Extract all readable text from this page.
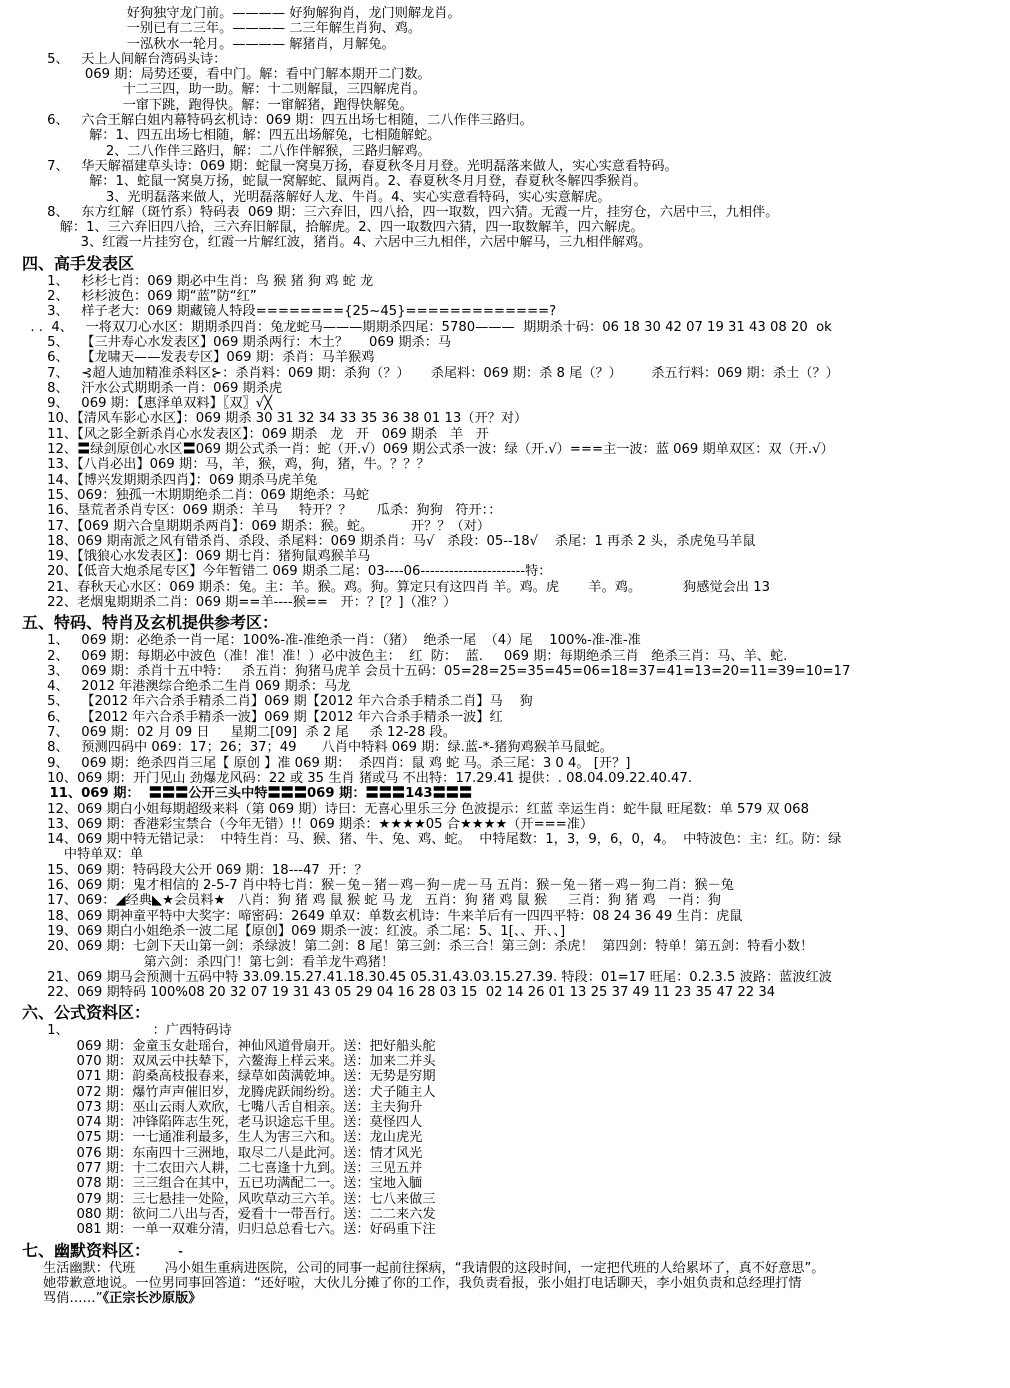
好狗独守龙门前。———— 好狗解狗肖，龙门则解龙肖。
一别已有二三年。———— 二三年解生肖狗、鸡。
一泓秋水一轮月。———— 解猪肖，月解兔。
5、   天上人间解台湾码头诗：
069 期：局势还要，看中门。解：看中门解本期开二门数。
十二三四，助一助。解：十二则解鼠，三四解虎肖。
一窜下跳，跑得快。解：一窜解猪，跑得快解兔。
6、   六合王解白姐内幕特码玄机诗：069 期：四五出场七相随，二八作伴三路归。
解：1、四五出场七相随，解：四五出场解兔，七相随解蛇。
2、二八作伴三路归，解：二八作伴解猴，三路归解鸡。
7、   华天解福建草头诗：069 期：蛇鼠一窝臭万扬，春夏秋冬月月登。光明磊落来做人，实心实意看特码。
解：1、蛇鼠一窝臭万扬，蛇鼠一窝解蛇、鼠两肖。2、春夏秋冬月月登，春夏秋冬解四季猴肖。
3、光明磊落来做人，光明磊落解好人龙、牛肖。4、实心实意看特码，实心实意解虎。
8、   东方红解（斑竹系）特码表  069 期：三六弃旧，四八拾，四一取数，四六猜。无霞一片，挂穷仓，六居中三，九相伴。
解：1、三六弃旧四八拾，三六弃旧解鼠，拾解虎。2、四一取数四六猜，四一取数解羊，四六解虎。
3、红霞一片挂穷仓，红霞一片解红波，猪肖。4、六居中三九相伴，六居中解马，三九相伴解鸡。
四、高手发表区
1、   杉杉七肖：069 期必中生肖：鸟 猴 猪 狗 鸡 蛇 龙
2、   杉杉波色：069 期“蓝”防“红”
3、   样子老大：069 期藏镜人特段========{25~45}=============?
. .  4、   一将双刀心水区：期期杀四肖：兔龙蛇马———期期杀四尾：5780———  期期杀十码：06 18 30 42 07 19 31 43 08 20  ok
5、   【三井寿心水发表区】069 期杀两行：木土？     069 期杀：马
6、   【龙啸天——发表专区】069 期：杀肖：马羊猴鸡
7、   ⊰超人迪加精准杀料区⊱：杀肖料：069 期：杀狗（？）     杀尾料：069 期：杀 8 尾（？）       杀五行料：069 期：杀土（？）
8、   汗水公式期期杀一肖：069 期杀虎
9、   069 期：【惠泽单双料】〖双〗√╳
10、【清风车影心水区】：069 期杀 30 31 32 34 33 35 36 38 01 13（开？对）
11、【风之影全新杀肖心水发表区】：069 期杀   龙   开   069 期杀   羊   开
12、〓绿剑原创心水区〓069 期公式杀一肖：蛇（开.√）069 期公式杀一波：绿（开.√）===主一波：蓝 069 期单双区：双（开.√）
13、【八肖必出】069 期：马，羊，猴，鸡，狗，猪，牛。？？？
14、【博兴发期期杀四肖】：069 期杀马虎羊兔
15、069：独孤一木期期绝杀二肖：069 期绝杀：马蛇
16、垦荒者杀肖专区：069 期杀：羊马     特开？？      瓜杀：狗狗   符开：：
17、【069 期六合皇期期杀两肖】：069 期杀：猴。蛇。         开？？（对）
18、069 期南派之风有错杀肖、杀段、杀尾料：069 期杀肖：马√   杀段：05--18√    杀尾：1 再杀 2 头，杀虎兔马羊鼠
19、【饿狼心水发表区】：069 期七肖：猪狗鼠鸡猴羊马
20、【低音大炮杀尾专区】今年暂错二 069 期杀二尾：03----06----------------------特：
21、春秋天心水区：069 期杀：兔。主：羊。猴。鸡。狗。算定只有这四肖 羊。鸡。虎       羊。鸡。          狗感觉会出 13
22、老烟鬼期期杀二肖：069 期==羊----猴==   开：？[？]（准？）
五、特码、特肖及玄机提供参考区：
1、   069 期：必绝杀一肖一尾：100%-准-准绝杀一肖：（猪）  绝杀一尾  （4）尾    100%-准-准-准
2、   069 期：每期必中波色（准！准！准！）必中波色主：  红  防：  蓝.     069 期：每期绝杀三肖   绝杀三肖：马、羊、蛇.
3、   069 期：杀肖十五中特：   杀五肖：狗猪马虎羊 会员十五码：05=28=25=35=45=06=18=37=41=13=20=11=39=10=17
4、   2012 年港澳综合绝杀二生肖 069 期杀：马龙
5、   【2012 年六合杀手精杀二肖】069 期【2012 年六合杀手精杀二肖】马    狗
6、   【2012 年六合杀手精杀一波】069 期【2012 年六合杀手精杀一波】红
7、   069 期：02 月 09 日     星期二[09]  杀 2 尾     杀 12-28 段。
8、   预测四码中 069：17；26；37；49      八肖中特料 069 期：绿.蓝-*-猪狗鸡猴羊马鼠蛇。
9、   069 期：绝杀四肖三尾【 原创 】准 069 期：  杀四肖：鼠 鸡 蛇 马。杀三尾：3 0 4。 [开？]
10、069 期：开门见山 劲爆龙风码：22 或 35 生肖 猪或马 不出特：17.29.41 提供：. 08.04.09.22.40.47.
11、069 期：  〓〓〓公开三头中特〓〓〓069 期：〓〓〓143〓〓〓
12、069 期白小姐每期超级来料（第 069 期）诗曰：无喜心里乐三分 色波提示：红蓝 幸运生肖：蛇牛鼠 旺尾数：单 579 双 068
13、069 期：香港彩宝禁合（今年无错）!！069 期杀：★★★★05 合★★★★（开===准）
14、069 期中特无错记录：  中特生肖：马、猴、猪、牛、兔、鸡、蛇。  中特尾数：1，3，9，6，0，4。  中特波色：主：红。防：绿
中特单双：单
15、069 期：特码段大公开 069 期：18---47  开：？
16、069 期：鬼才相信的 2-5-7 肖中特七肖：猴－兔－猪－鸡－狗－虎－马 五肖：猴－兔－猪－鸡－狗二肖：猴－兔
17、069：◢经典◣★会员料★   八肖：狗 猪 鸡 鼠 猴 蛇 马 龙   五肖：狗 猪 鸡 鼠 猴     三肖：狗 猪 鸡   一肖：狗
18、069 期神童平特中大奖字：啼密码：2649 单双：单数玄机诗：牛来羊后有一四四平特：08 24 36 49 生肖：虎鼠
19、069 期白小姐绝杀一波二尾【原创】069 期杀一波：红波。杀二尾：5、1[、、开、、]
20、069 期：七剑下天山第一剑：杀绿波！第二剑：8 尾！第三剑：杀三合！第三剑：杀虎！  第四剑：特单！第五剑：特看小数！
第六剑：杀四门！第七剑：看羊龙牛鸡猪！
21、069 期马会预测十五码中特 33.09.15.27.41.18.30.45 05.31.43.03.15.27.39. 特段：01=17 旺尾：0.2.3.5 波路：蓝波红波
22、069 期特码 100%08 20 32 07 19 31 43 05 29 04 16 28 03 15  02 14 26 01 13 25 37 49 11 23 35 47 22 34
六、公式资料区：
1、                    ：广西特码诗
069 期：金童玉女赴瑶台，神仙风道骨扇开。送：把好船头舵
070 期：双凤云中扶辇下，六鳌海上样云来。送：加来二并头
071 期：韵桑高枝报春来，绿草如茵满乾坤。送：无势是穷期
072 期：爆竹声声催旧岁，龙腾虎跃闹纷纷。送：犬子随主人
073 期：巫山云雨人欢欣，七嘴八舌自相亲。送：主夫狗升
074 期：冲锋陷阵志生死，老马识途忘千里。送：莫怪四人
075 期：一七通准利最多，生人为害三六和。送：龙山虎光
076 期：东南四十三洲地，取尽二八是此河。送：情才风光
077 期：十二农田六人耕，二七喜逢十九到。送：三见五并
078 期：三三组合在其中，五已功满配二一。送：宝地入腼
079 期：三七悬挂一处险，风吹草动三六羊。送：七八来做三
080 期：欲问二八出与否，爱看十一带吾行。送：二二来六发
081 期：一单一双难分清，归归总总看七六。送：好码重下注
七、幽默资料区：     ˗
生活幽默：代班       冯小姐生重病进医院，公司的同事一起前往探病，“我请假的这段时间，一定把代班的人给累坏了，真不好意思”。
她带歉意地说。一位男同事回答道：“还好啦，大伙儿分摊了你的工作，我负责看报，张小姐打电话聊天，李小姐负责和总经理打情
骂俏……”《正宗长沙原版》
